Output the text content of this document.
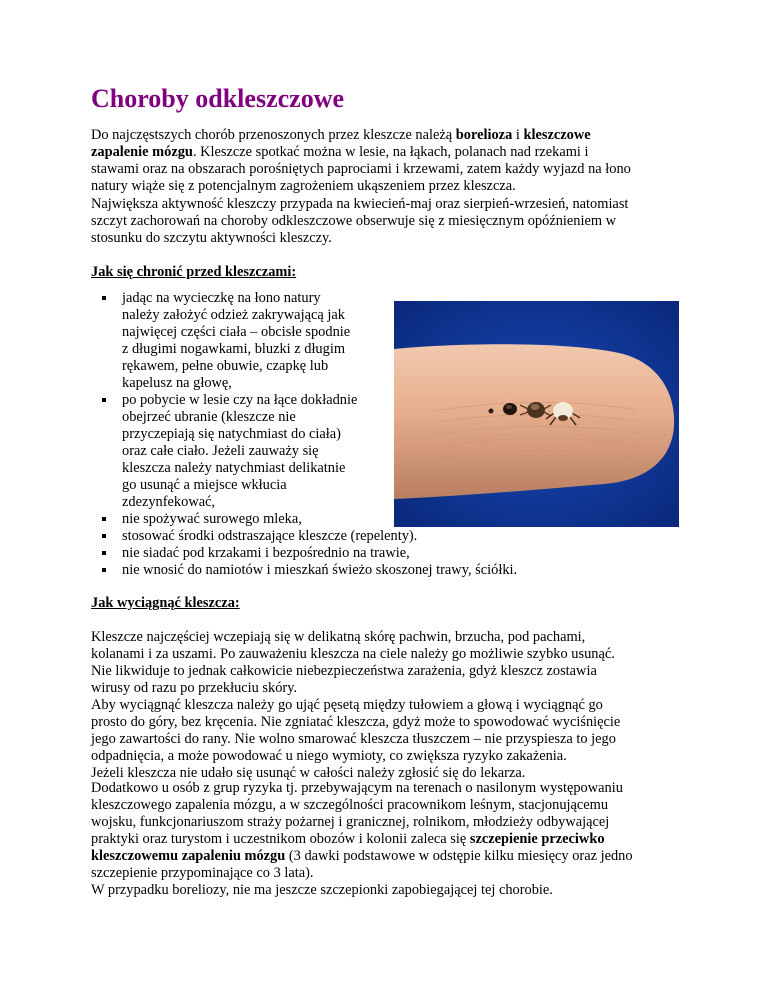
Choroby odkleszczowe

Do najczęstszych chorób przenoszonych przez kleszcze należą borelioza i kleszczowe
zapalenie mózgu. Kleszcze spotkać można w lesie, na łąkach, polanach nad rzekami i
stawami oraz na obszarach porośniętych paprociami i krzewami, zatem każdy wyjazd na łono
natury wiąże się z potencjalnym zagrożeniem ukąszeniem przez kleszcza.

Największa aktywność kleszczy przypada na kwiecień-maj oraz sierpień-wrzesień, natomiast
szczyt zachorowań na choroby odkleszczowe obserwuje się z miesięcznym opóźnieniem w
stosunku do szczytu aktywności kleszczy.

Jak się chronić przed kleszczami:

jadąc na wycieczkę na łono natury
należy założyć odzież zakrywającą jak
najwięcej części ciała – obcisłe spodnie
z długimi nogawkami, bluzki z długim
rękawem, pełne obuwie, czapkę lub
kapelusz na głowę,
po pobycie w lesie czy na łące dokładnie
obejrzeć ubranie (kleszcze nie
przyczepiają się natychmiast do ciała)
oraz całe ciało. Jeżeli zauważy się
kleszcza należy natychmiast delikatnie
go usunąć a miejsce wkłucia
zdezynfekować,
nie spożywać surowego mleka,
stosować środki odstraszające kleszcze (repelenty).
nie siadać pod krzakami i bezpośrednio na trawie,
nie wnosić do namiotów i mieszkań świeżo skoszonej trawy, ściółki.

Jak wyciągnąć kleszcza:

Kleszcze najczęściej wczepiają się w delikatną skórę pachwin, brzucha, pod pachami,
kolanami i za uszami. Po zauważeniu kleszcza na ciele należy go możliwie szybko usunąć.
Nie likwiduje to jednak całkowicie niebezpieczeństwa zarażenia, gdyż kleszcz zostawia
wirusy od razu po przekłuciu skóry.
Aby wyciągnąć kleszcza należy go ująć pęsetą między tułowiem a głową i wyciągnąć go
prosto do góry, bez kręcenia. Nie zgniatać kleszcza, gdyż może to spowodować wyciśnięcie
jego zawartości do rany. Nie wolno smarować kleszcza tłuszczem – nie przyspiesza to jego
odpadnięcia, a może powodować u niego wymioty, co zwiększa ryzyko zakażenia.
Jeżeli kleszcza nie udało się usunąć w całości należy zgłosić się do lekarza.

Dodatkowo u osób z grup ryzyka tj. przebywającym na terenach o nasilonym występowaniu
kleszczowego zapalenia mózgu, a w szczególności pracownikom leśnym, stacjonującemu
wojsku, funkcjonariuszom straży pożarnej i granicznej, rolnikom, młodzieży odbywającej
praktyki oraz turystom i uczestnikom obozów i kolonii zaleca się szczepienie przeciwko
kleszczowemu zapaleniu mózgu (3 dawki podstawowe w odstępie kilku miesięcy oraz jedno
szczepienie przypominające co 3 lata).
W przypadku boreliozy, nie ma jeszcze szczepionki zapobiegającej tej chorobie.
